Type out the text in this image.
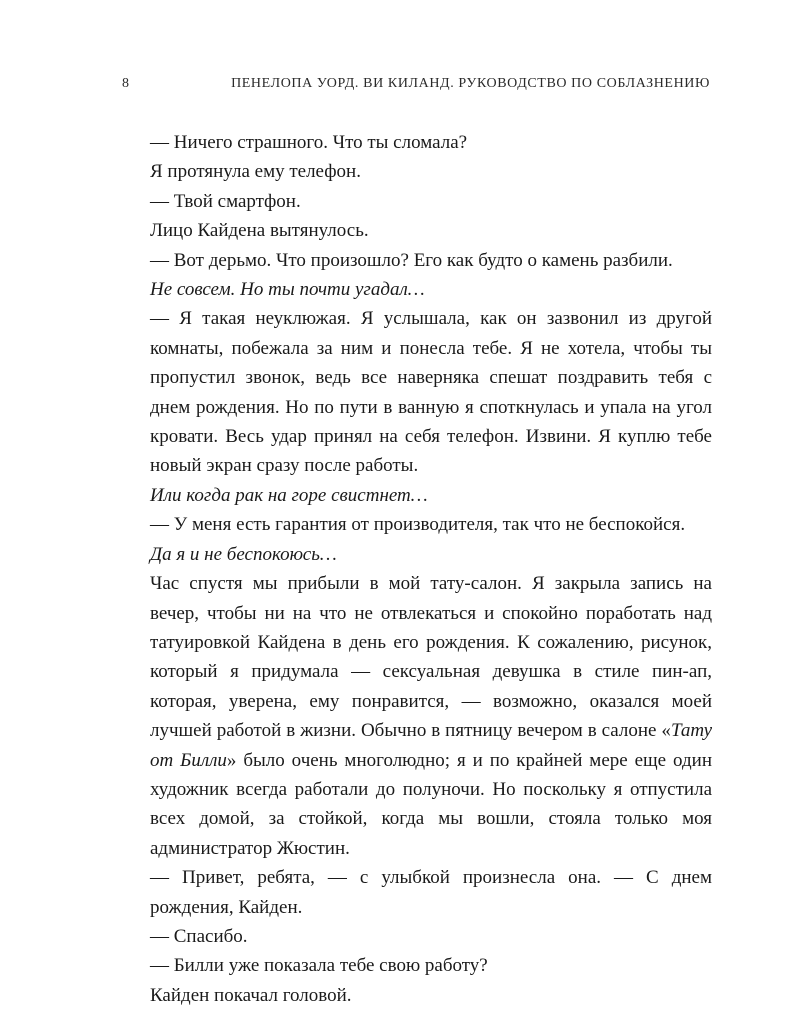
8	ПЕНЕЛОПА УОРД. ВИ КИЛАНД. РУКОВОДСТВО ПО СОБЛАЗНЕНИЮ

— Ничего страшного. Что ты сломала?

Я протянула ему телефон.

— Твой смартфон.

Лицо Кайдена вытянулось.

— Вот дерьмо. Что произошло? Его как будто о камень разбили.

Не совсем. Но ты почти угадал…

— Я такая неуклюжая. Я услышала, как он зазвонил из другой комнаты, побежала за ним и понесла тебе. Я не хотела, чтобы ты пропустил звонок, ведь все наверняка спешат поздравить тебя с днем рождения. Но по пути в ванную я споткнулась и упала на угол кровати. Весь удар принял на себя телефон. Извини. Я куплю тебе новый экран сразу после работы.

Или когда рак на горе свистнет…

— У меня есть гарантия от производителя, так что не беспокойся.

Да я и не беспокоюсь…

Час спустя мы прибыли в мой тату-салон. Я закрыла запись на вечер, чтобы ни на что не отвлекаться и спокойно поработать над татуировкой Кайдена в день его рождения. К сожалению, рисунок, который я придумала — сексуальная девушка в стиле пин-ап, которая, уверена, ему понравится, — возможно, оказался моей лучшей работой в жизни. Обычно в пятницу вечером в салоне «Тату от Билли» было очень многолюдно; я и по крайней мере еще один художник всегда работали до полуночи. Но поскольку я отпустила всех домой, за стойкой, когда мы вошли, стояла только моя администратор Жюстин.

— Привет, ребята, — с улыбкой произнесла она. — С днем рождения, Кайден.

— Спасибо.

— Билли уже показала тебе свою работу?

Кайден покачал головой.
